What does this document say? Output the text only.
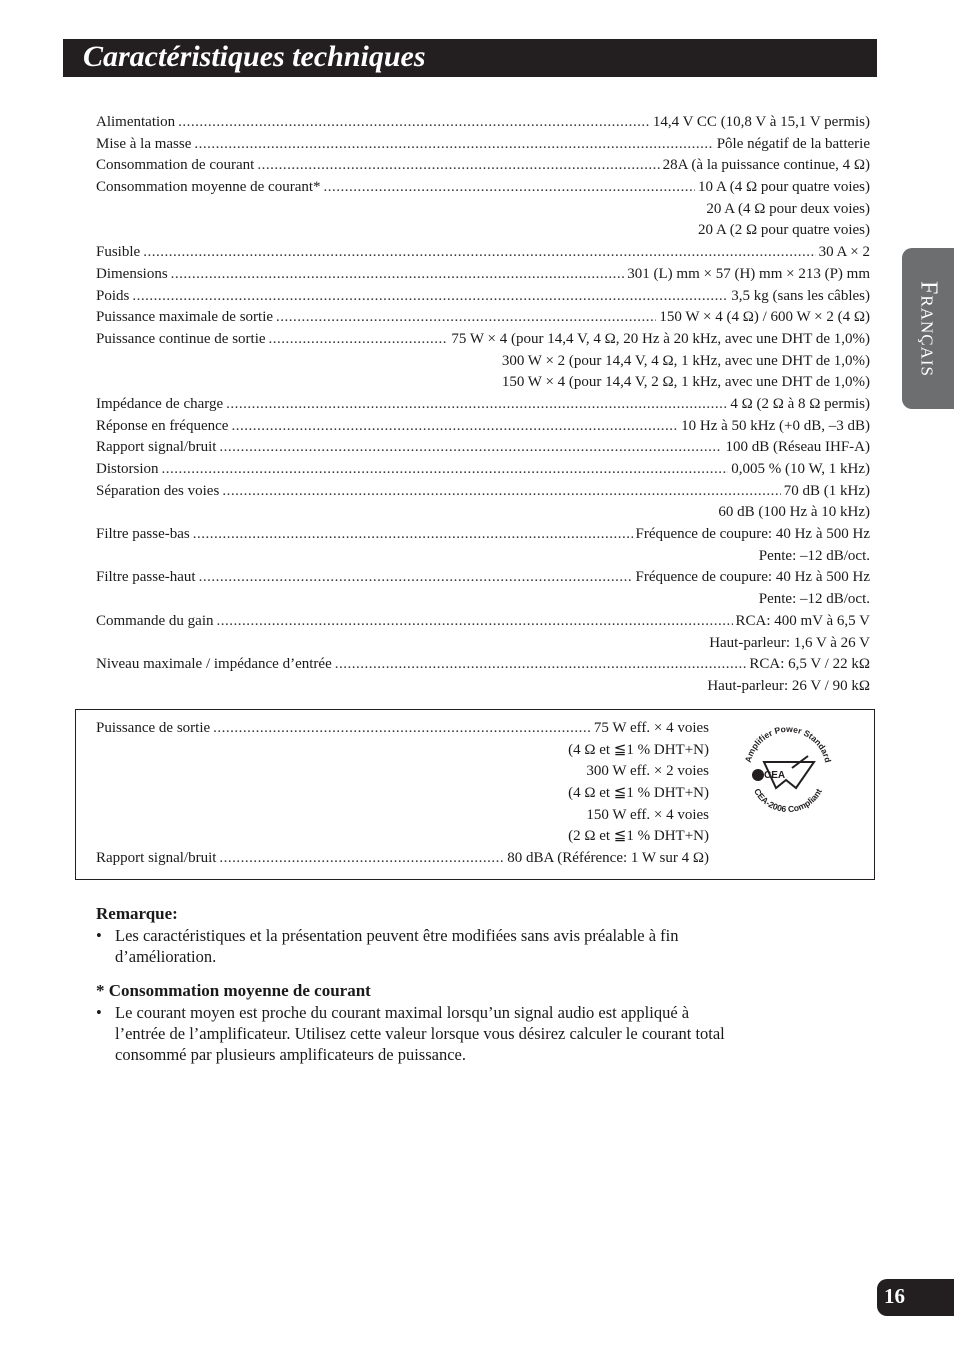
Caractéristiques techniques
Français
Alimentation .....	14,4 V CC (10,8 V à 15,1 V permis)
Mise à la masse .....	Pôle négatif de la batterie
Consommation de courant .....	28A (à la puissance continue, 4 Ω)
Consommation moyenne de courant* .....	10 A (4 Ω pour quatre voies)
20 A (4 Ω pour deux voies)
20 A (2 Ω pour quatre voies)
Fusible .....	30 A × 2
Dimensions .....	301 (L) mm × 57 (H) mm × 213 (P) mm
Poids .....	3,5 kg (sans les câbles)
Puissance maximale de sortie .....	150 W × 4 (4 Ω) / 600 W × 2 (4 Ω)
Puissance continue de sortie .....	75 W × 4 (pour 14,4 V, 4 Ω, 20 Hz à 20 kHz, avec une DHT de 1,0%)
300 W × 2 (pour 14,4 V, 4 Ω, 1 kHz, avec une DHT de 1,0%)
150 W × 4 (pour 14,4 V, 2 Ω, 1 kHz, avec une DHT de 1,0%)
Impédance de charge .....	4 Ω (2 Ω à 8 Ω permis)
Réponse en fréquence .....	10 Hz à 50 kHz (+0 dB, –3 dB)
Rapport signal/bruit .....	100 dB (Réseau IHF-A)
Distorsion .....	0,005 % (10 W, 1 kHz)
Séparation des voies .....	70 dB (1 kHz)
60 dB (100 Hz à 10 kHz)
Filtre passe-bas .....	Fréquence de coupure: 40 Hz à 500 Hz
Pente: –12 dB/oct.
Filtre passe-haut .....	Fréquence de coupure: 40 Hz à 500 Hz
Pente: –12 dB/oct.
Commande du gain .....	RCA: 400 mV à 6,5 V
Haut-parleur: 1,6 V à 26 V
Niveau maximale / impédance d’entrée .....	RCA: 6,5 V / 22 kΩ
Haut-parleur: 26 V / 90 kΩ
Puissance de sortie .....	75 W eff. × 4 voies
(4 Ω et ≦1 % DHT+N)
300 W eff. × 2 voies
(4 Ω et ≦1 % DHT+N)
150 W eff. × 4 voies
(2 Ω et ≦1 % DHT+N)
Rapport signal/bruit .....	80 dBA (Référence: 1 W sur 4 Ω)
Amplifier Power Standard
CEA-2006 Compliant
CEA
Remarque:
• Les caractéristiques et la présentation peuvent être modifiées sans avis préalable à fin d’amélioration.
* Consommation moyenne de courant
• Le courant moyen est proche du courant maximal lorsqu’un signal audio est appliqué à l’entrée de l’amplificateur. Utilisez cette valeur lorsque vous désirez calculer le courant total consommé par plusieurs amplificateurs de puissance.
16
